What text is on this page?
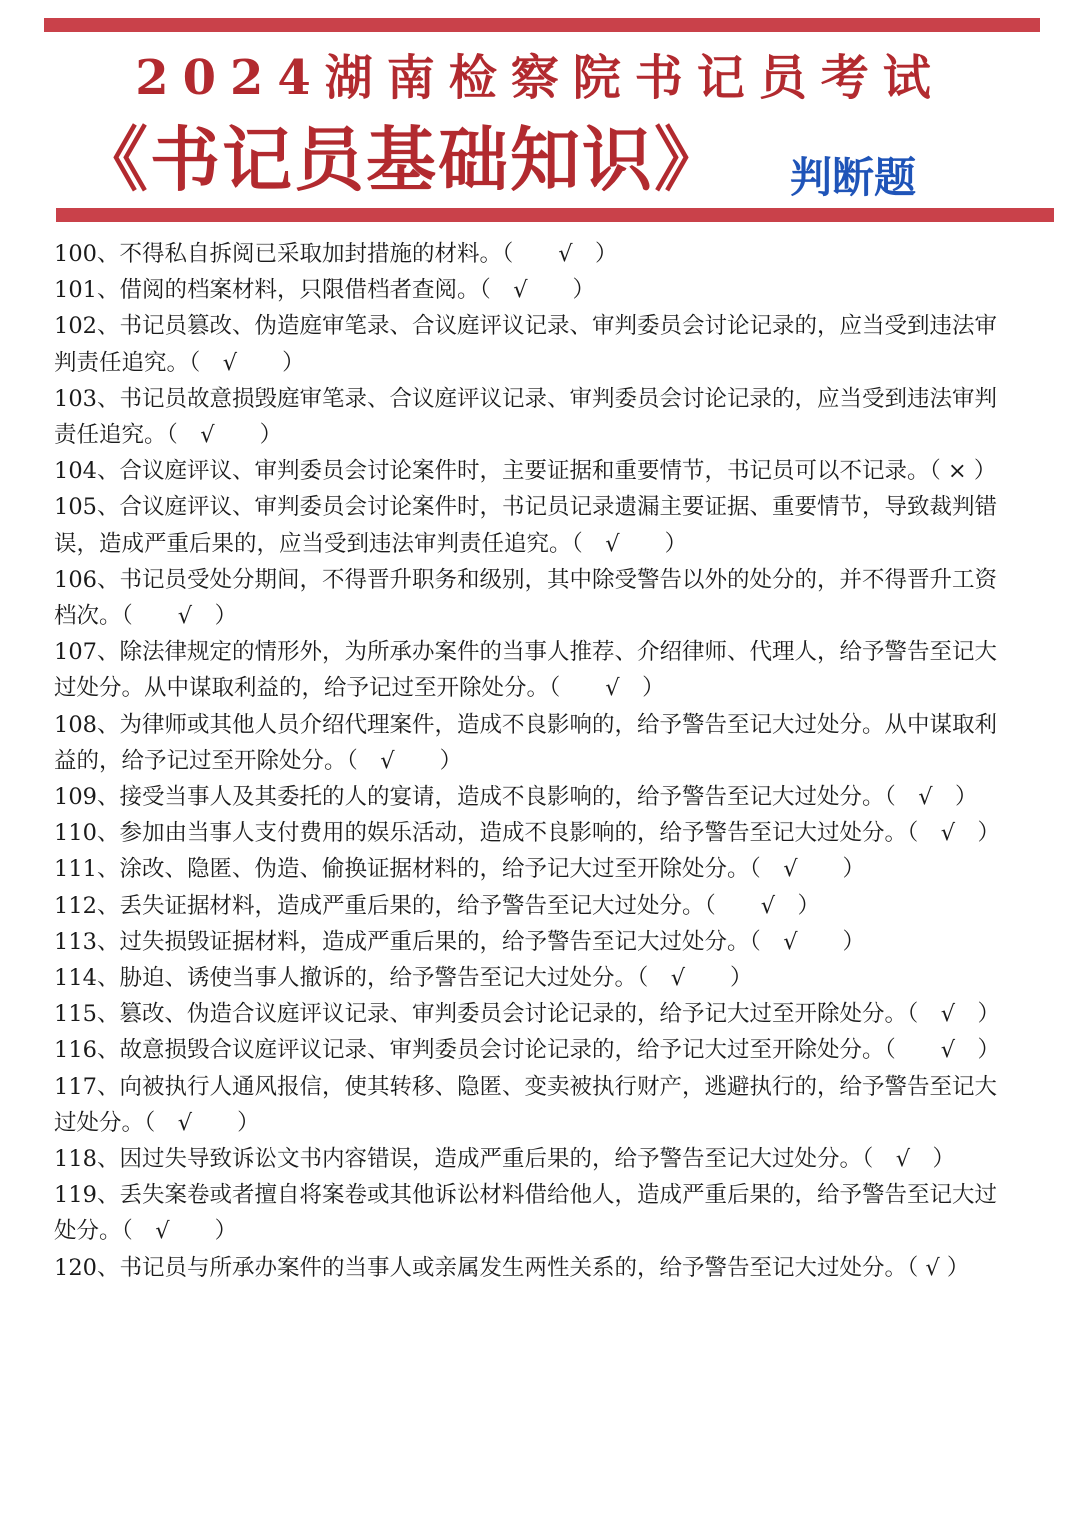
2024湖南检察院书记员考试
《书记员基础知识》 判断题

100、不得私自拆阅已采取加封措施的材料。（　　√　）

101、借阅的档案材料，只限借档者查阅。（　√　　）

102、书记员篡改、伪造庭审笔录、合议庭评议记录、审判委员会讨论记录的，应当受到违法审判责任追究。（　√　　）

103、书记员故意损毁庭审笔录、合议庭评议记录、审判委员会讨论记录的，应当受到违法审判责任追究。（　√　　）

104、合议庭评议、审判委员会讨论案件时，主要证据和重要情节，书记员可以不记录。（ × ）

105、合议庭评议、审判委员会讨论案件时，书记员记录遗漏主要证据、重要情节，导致裁判错误，造成严重后果的，应当受到违法审判责任追究。（　√　　）

106、书记员受处分期间，不得晋升职务和级别，其中除受警告以外的处分的，并不得晋升工资档次。（　　√　）

107、除法律规定的情形外，为所承办案件的当事人推荐、介绍律师、代理人，给予警告至记大过处分。从中谋取利益的，给予记过至开除处分。（　　√　）

108、为律师或其他人员介绍代理案件，造成不良影响的，给予警告至记大过处分。从中谋取利益的，给予记过至开除处分。（　√　　）

109、接受当事人及其委托的人的宴请，造成不良影响的，给予警告至记大过处分。（　√　）

110、参加由当事人支付费用的娱乐活动，造成不良影响的，给予警告至记大过处分。（　√　）

111、涂改、隐匿、伪造、偷换证据材料的，给予记大过至开除处分。（　√　　）

112、丢失证据材料，造成严重后果的，给予警告至记大过处分。（　　√　）

113、过失损毁证据材料，造成严重后果的，给予警告至记大过处分。（　√　　）

114、胁迫、诱使当事人撤诉的，给予警告至记大过处分。（　√　　）

115、篡改、伪造合议庭评议记录、审判委员会讨论记录的，给予记大过至开除处分。（　√　）

116、故意损毁合议庭评议记录、审判委员会讨论记录的，给予记大过至开除处分。（　　√　）

117、向被执行人通风报信，使其转移、隐匿、变卖被执行财产，逃避执行的，给予警告至记大过处分。（　√　　）

118、因过失导致诉讼文书内容错误，造成严重后果的，给予警告至记大过处分。（　√　）

119、丢失案卷或者擅自将案卷或其他诉讼材料借给他人，造成严重后果的，给予警告至记大过处分。（　√　　）

120、书记员与所承办案件的当事人或亲属发生两性关系的，给予警告至记大过处分。（ √ ）
